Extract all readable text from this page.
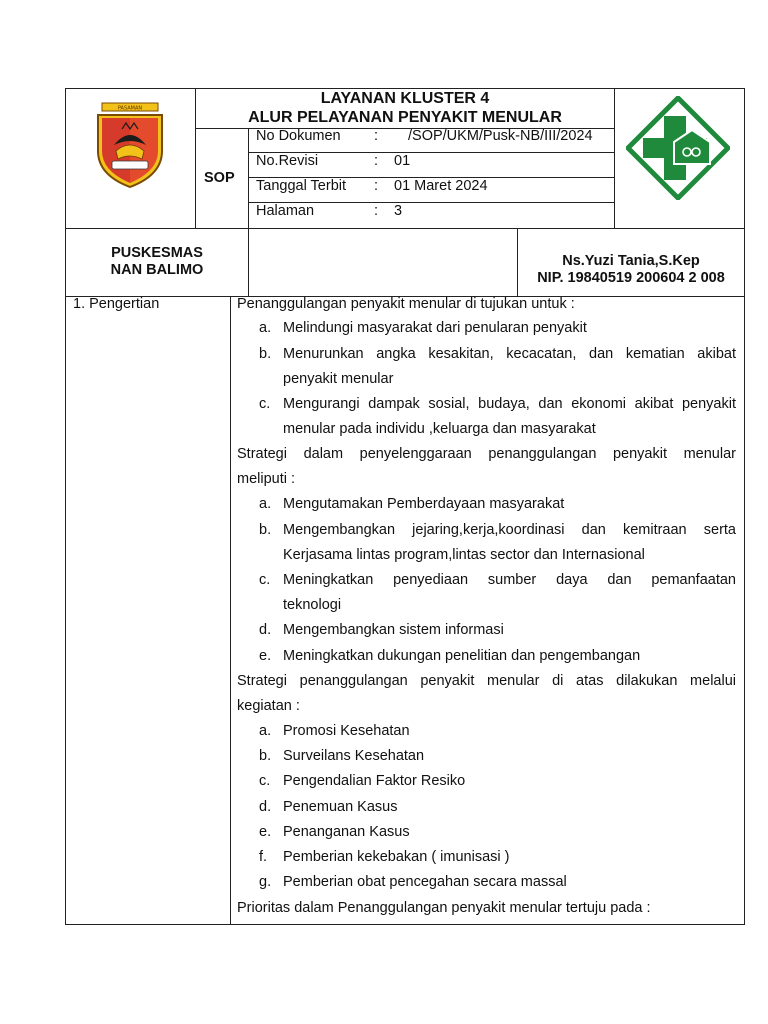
PASAMAN
LAYANAN KLUSTER 4
ALUR PELAYANAN PENYAKIT MENULAR
SOP
No Dokumen : /SOP/UKM/Pusk-NB/III/2024
No.Revisi	: 01
Tanggal Terbit : 01 Maret 2024
Halaman	: 3
PUSKESMAS
NAN BALIMO
Ns.Yuzi Tania,S.Kep
NIP. 19840519 200604 2 008
1. Pengertian	Penanggulangan penyakit menular di tujukan untuk :
a. Melindungi masyarakat dari penularan penyakit
b. Menurunkan angka kesakitan, kecacatan, dan kematian akibat
penyakit menular
c. Mengurangi dampak sosial, budaya, dan ekonomi akibat penyakit
menular pada individu ,keluarga dan masyarakat
Strategi dalam penyelenggaraan penanggulangan penyakit menular
meliputi :
a. Mengutamakan Pemberdayaan masyarakat
b. Mengembangkan jejaring,kerja,koordinasi dan kemitraan serta
Kerjasama lintas program,lintas sector dan Internasional
c. Meningkatkan penyediaan sumber daya dan pemanfaatan
teknologi
d. Mengembangkan sistem informasi
e. Meningkatkan dukungan penelitian dan pengembangan
Strategi penanggulangan penyakit menular di atas dilakukan melalui
kegiatan :
a. Promosi Kesehatan
b. Surveilans Kesehatan
c. Pengendalian Faktor Resiko
d. Penemuan Kasus
e. Penanganan Kasus
f.	Pemberian kekebakan ( imunisasi )
g. Pemberian obat pencegahan secara massal
Prioritas dalam Penanggulangan penyakit menular tertuju pada :
